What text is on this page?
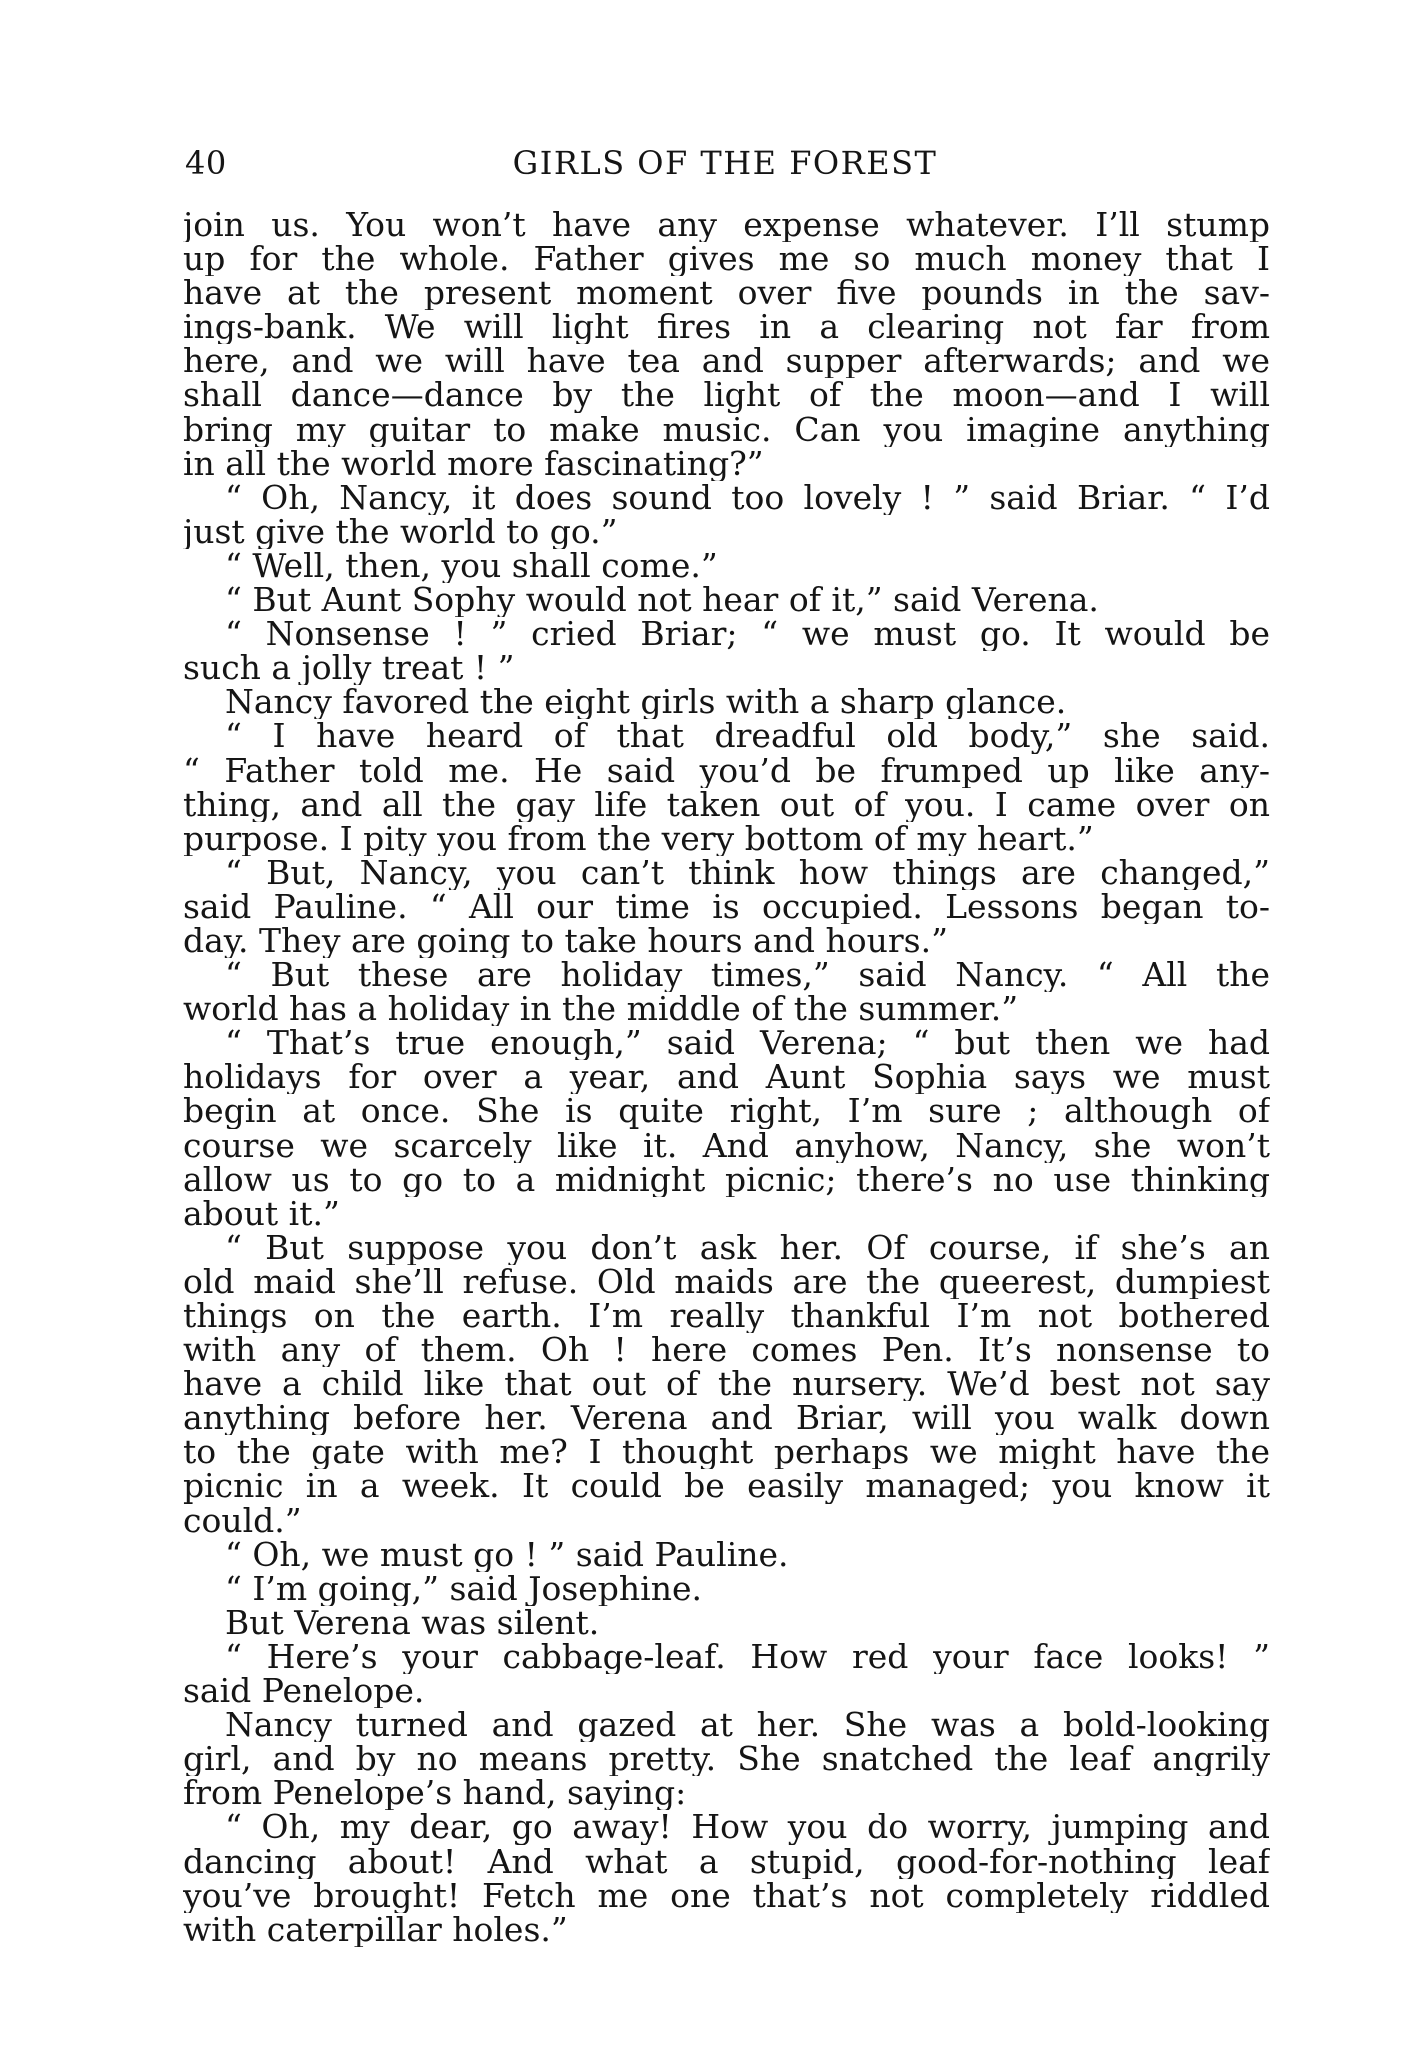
40	GIRLS OF THE FOREST
join us. You won’t have any expense whatever. I’ll stump
up for the whole. Father gives me so much money that I
have at the present moment over five pounds in the sav-
ings-bank. We will light fires in a clearing not far from
here, and we will have tea and supper afterwards; and we
shall dance—dance by the light of the moon—and I will
bring my guitar to make music. Can you imagine anything
in all the world more fascinating?”
“ Oh, Nancy, it does sound too lovely ! ” said Briar. “ I’d
just give the world to go.”
“ Well, then, you shall come.”
“ But Aunt Sophy would not hear of it,” said Verena.
“ Nonsense ! ” cried Briar; “ we must go. It would be
such a jolly treat ! ”
Nancy favored the eight girls with a sharp glance.
“ I have heard of that dreadful old body,” she said.
“ Father told me. He said you’d be frumped up like any-
thing, and all the gay life taken out of you. I came over on
purpose. I pity you from the very bottom of my heart.”
“ But, Nancy, you can’t think how things are changed,”
said Pauline. “ All our time is occupied. Lessons began to-
day. They are going to take hours and hours.”
“ But these are holiday times,” said Nancy. “ All the
world has a holiday in the middle of the summer.”
“ That’s true enough,” said Verena; “ but then we had
holidays for over a year, and Aunt Sophia says we must
begin at once. She is quite right, I’m sure ; although of
course we scarcely like it. And anyhow, Nancy, she won’t
allow us to go to a midnight picnic; there’s no use thinking
about it.”
“ But suppose you don’t ask her. Of course, if she’s an
old maid she’ll refuse. Old maids are the queerest, dumpiest
things on the earth. I’m really thankful I’m not bothered
with any of them. Oh ! here comes Pen. It’s nonsense to
have a child like that out of the nursery. We’d best not say
anything before her. Verena and Briar, will you walk down
to the gate with me? I thought perhaps we might have the
picnic in a week. It could be easily managed; you know it
could.”
“ Oh, we must go ! ” said Pauline.
“ I’m going,” said Josephine.
But Verena was silent.
“ Here’s your cabbage-leaf. How red your face looks! ”
said Penelope.
Nancy turned and gazed at her. She was a bold-looking
girl, and by no means pretty. She snatched the leaf angrily
from Penelope’s hand, saying:
“ Oh, my dear, go away! How you do worry, jumping and
dancing about! And what a stupid, good-for-nothing leaf
you’ve brought! Fetch me one that’s not completely riddled
with caterpillar holes.”
